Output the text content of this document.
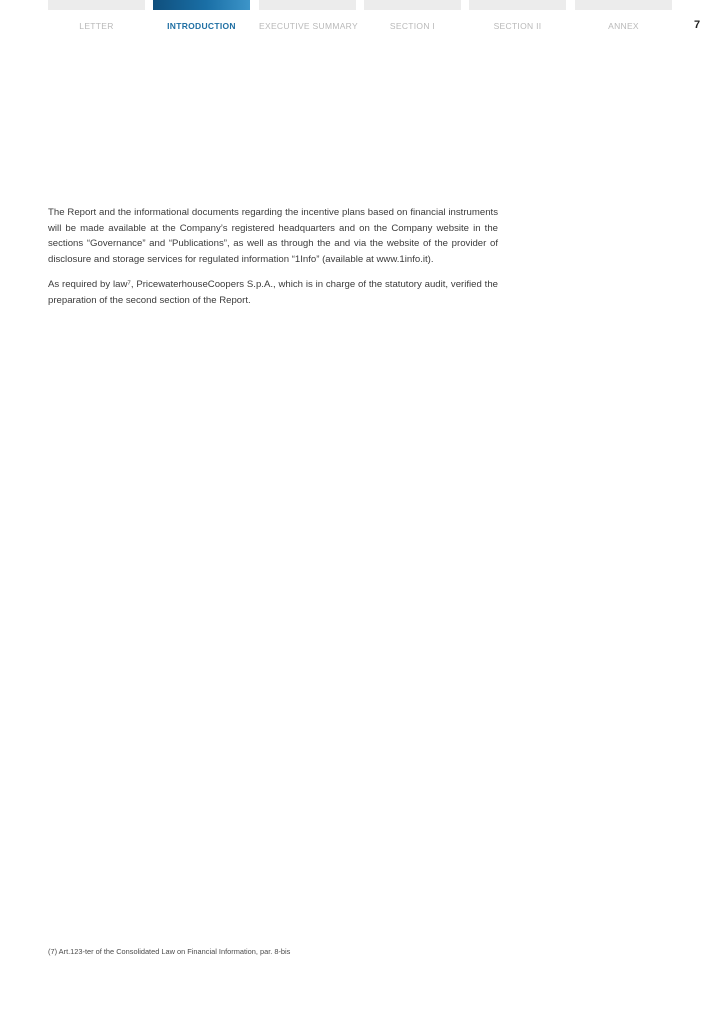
LETTER	INTRODUCTION	EXECUTIVE SUMMARY	SECTION I	SECTION II	ANNEX	7

The Report and the informational documents regarding the incentive plans based on financial instruments will be made available at the Company’s registered headquarters and on the Company website in the sections “Governance” and “Publications”, as well as through the and via the website of the provider of disclosure and storage services for regulated information “1Info” (available at www.1info.it).

As required by law⁷, PricewaterhouseCoopers S.p.A., which is in charge of the statutory audit, verified the preparation of the second section of the Report.

(7) Art.123-ter of the Consolidated Law on Financial Information, par. 8-bis
